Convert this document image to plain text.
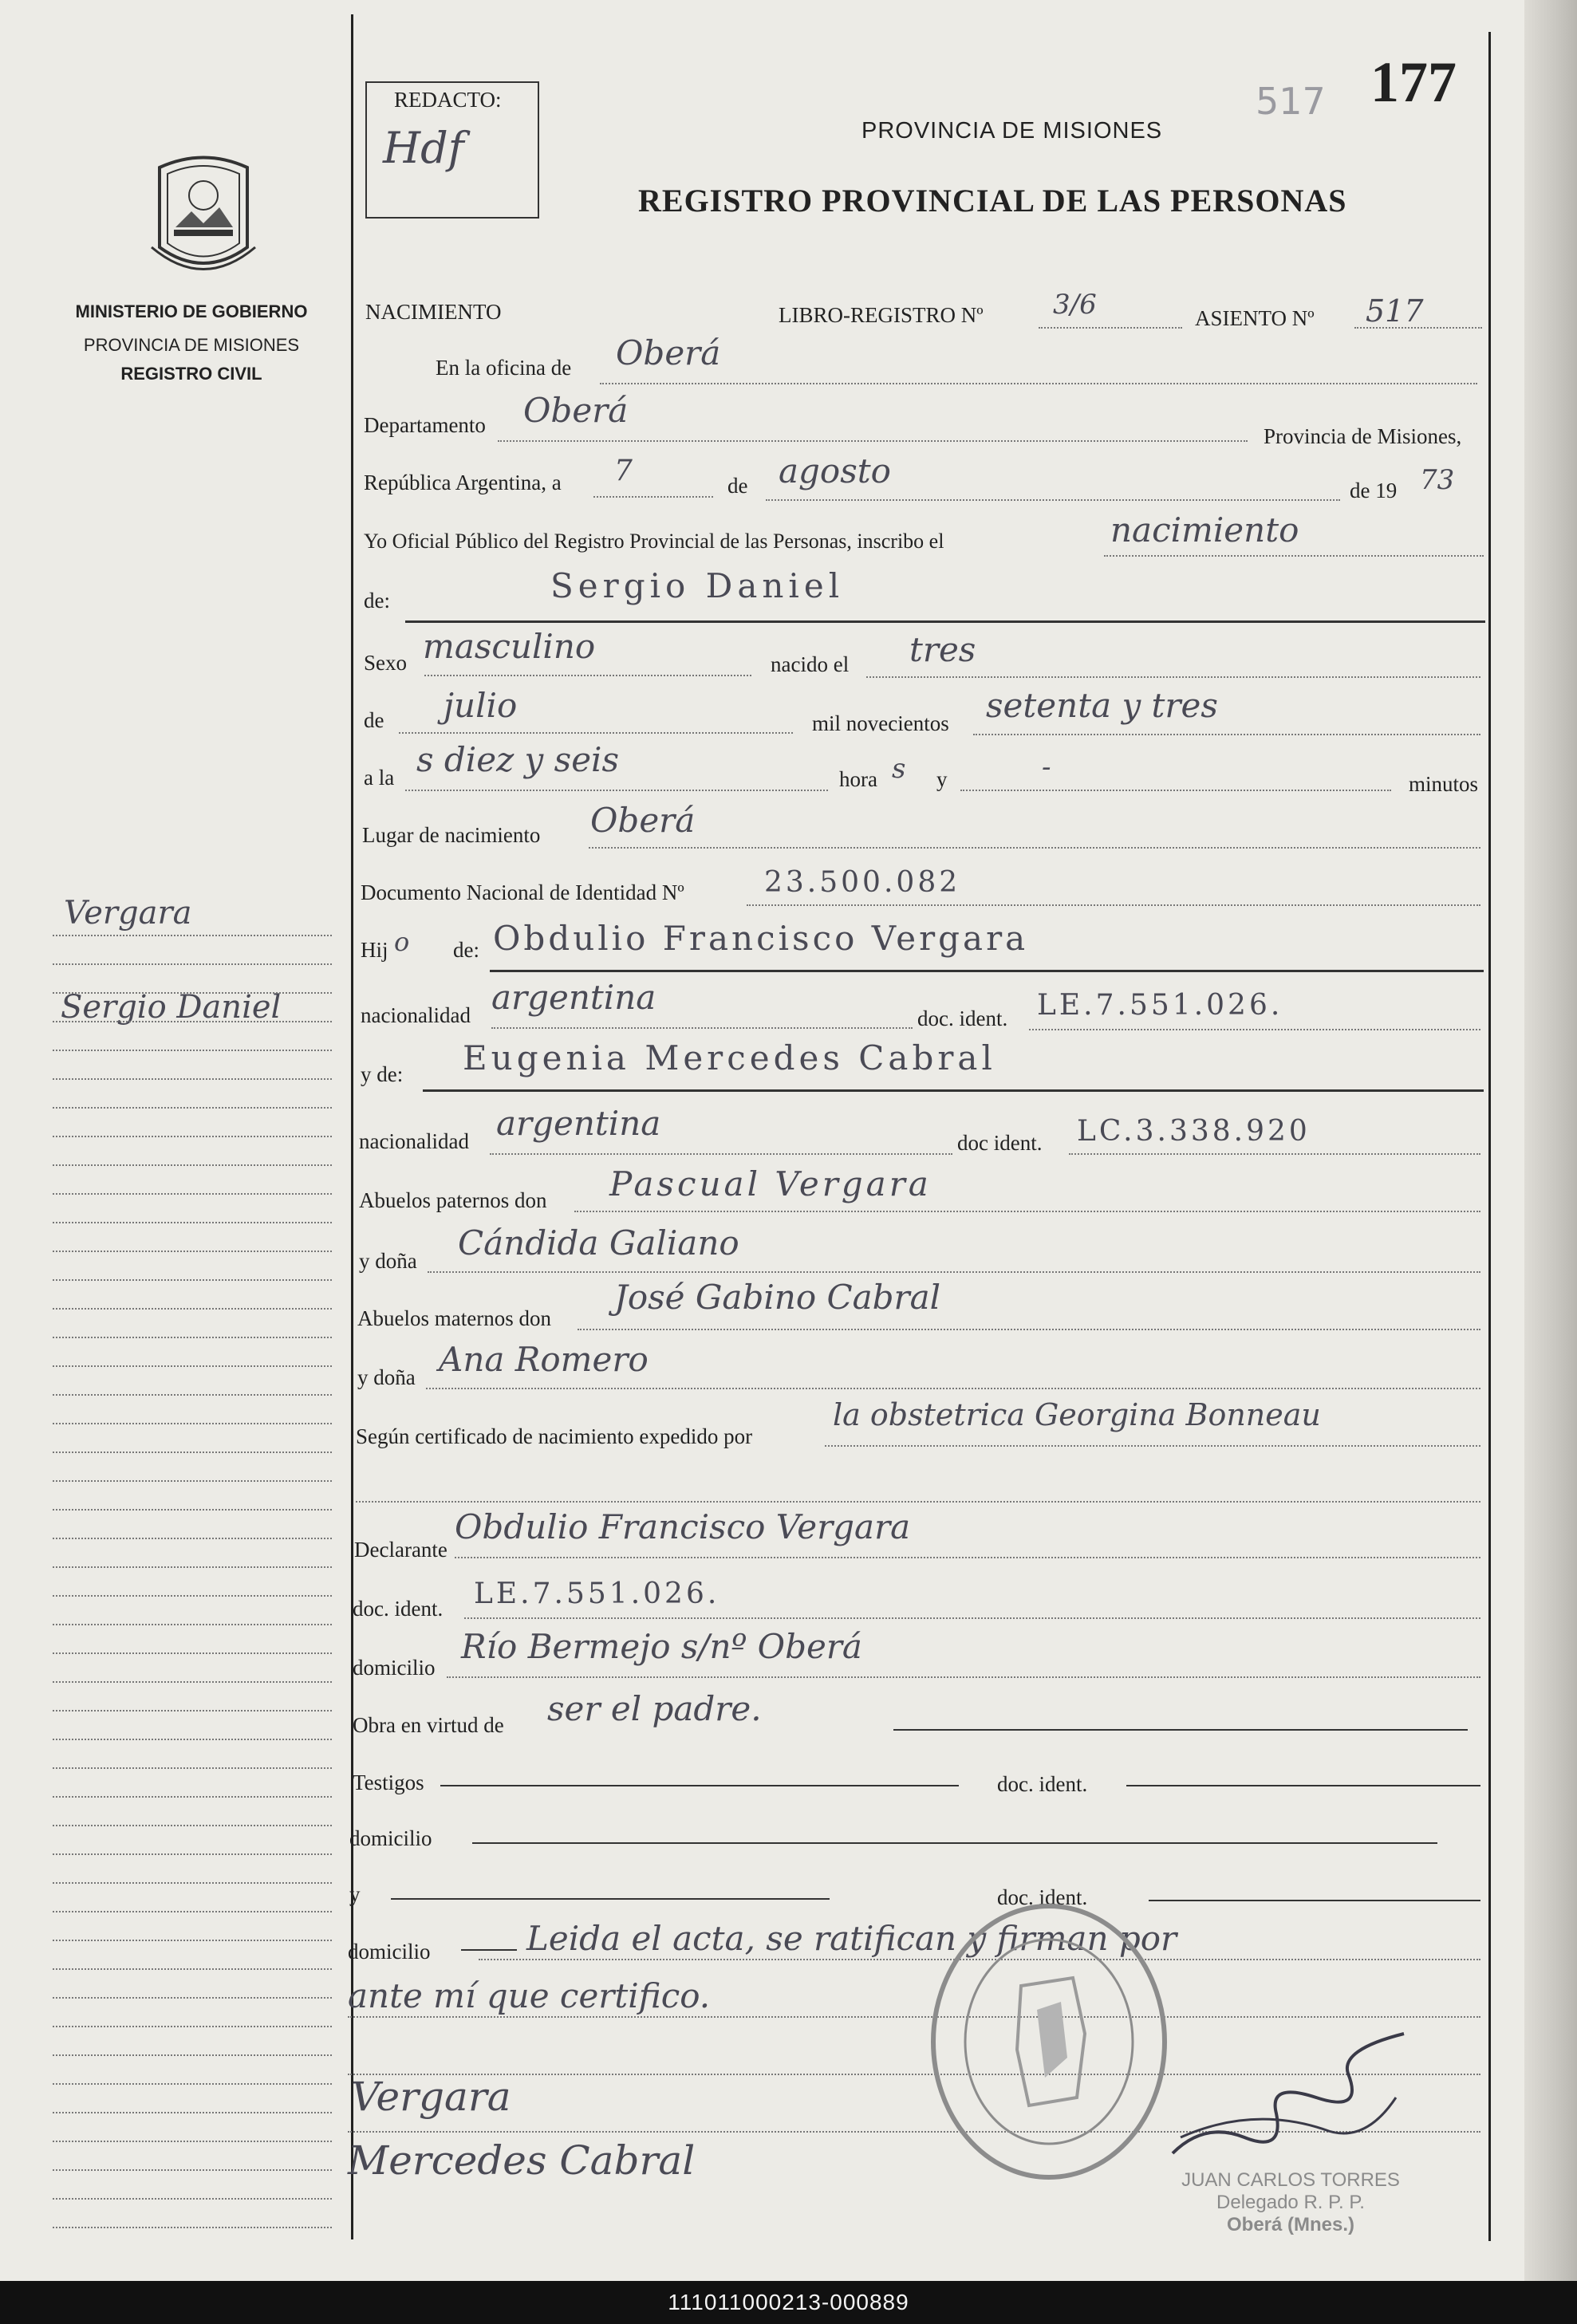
MINISTERIO DE GOBIERNO
PROVINCIA DE MISIONES
REGISTRO CIVIL
Vergara
Sergio Daniel
REDACTO:
Hdf	PROVINCIA DE MISIONES
REGISTRO PROVINCIAL DE LAS PERSONAS
517 177
NACIMIENTO	LIBRO-REGISTRO Nº	3/6	ASIENTO Nº 517
En la oficina de Oberá
Departamento Oberá
Provincia de Misiones,
República Argentina, a 7	de agosto	de 19 73
Yo Oficial Público del Registro Provincial de las Personas, inscribo el	nacimiento
de:	Sergio Daniel
Sexo masculino	nacido el tres
de julio	mil novecientos setenta y tres
a la s diez y seis	hora s y	-
minutos
Lugar de nacimiento Oberá
Documento Nacional de Identidad Nº	23.500.082
Hij o de: Obdulio Francisco Vergara
nacionalidad argentina
doc. ident. LE.7.551.026.
y de: Eugenia Mercedes Cabral
nacionalidad argentina	doc ident. LC.3.338.920
Abuelos paternos don Pascual Vergara
y doña Cándida Galiano
Abuelos maternos don
José Gabino Cabral
y doña Ana Romero
Según certificado de nacimiento expedido por
la obstetrica Georgina Bonneau
Declarante
Obdulio Francisco Vergara
doc. ident. LE.7.551.026.
domicilio
Río Bermejo s/nº Oberá
Obra en virtud de ser el padre.
Testigos	doc. ident.
domicilio
y	doc. ident.
domicilio	Leida el acta, se ratifican y firman por
ante mí que certifico.
Vergara
Mercedes Cabral	JUAN CARLOS TORRES
Delegado R. P. P.
Oberá (Mnes.)
111011000213-000889
